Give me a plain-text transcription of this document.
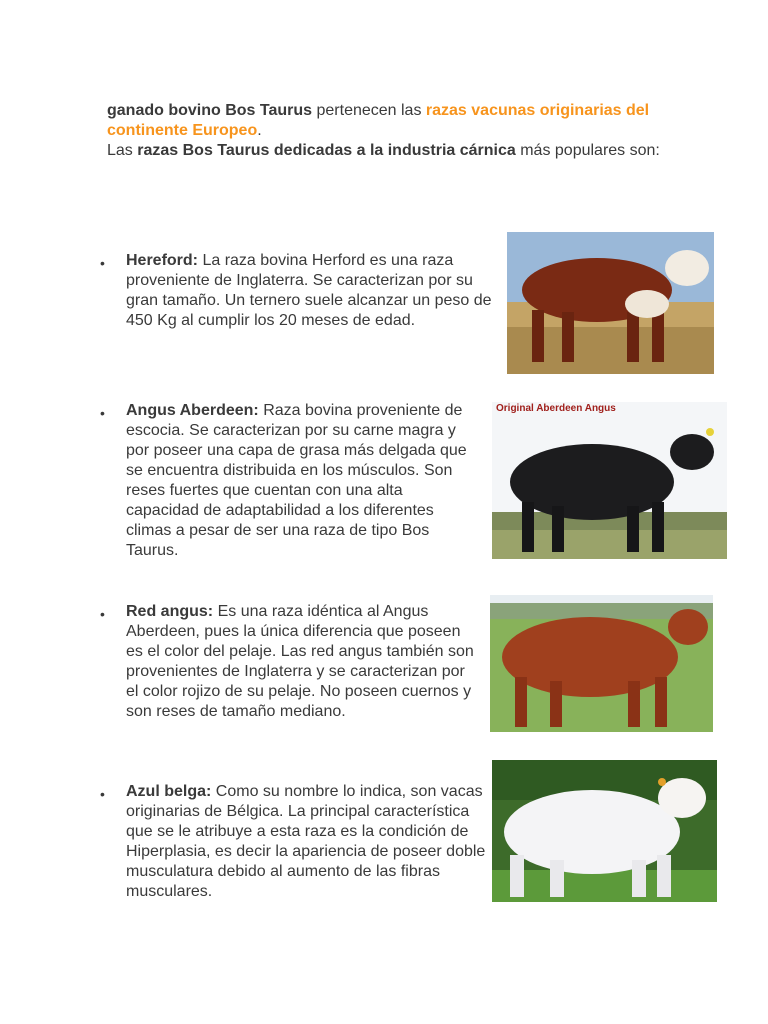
ganado bovino Bos Taurus pertenecen las razas vacunas originarias del continente Europeo.

Las razas Bos Taurus dedicadas a la industria cárnica más populares son:

• Hereford: La raza bovina Herford es una raza proveniente de Inglaterra. Se caracterizan por su gran tamaño. Un ternero suele alcanzar un peso de 450 Kg al cumplir los 20 meses de edad.
• Angus Aberdeen: Raza bovina proveniente de escocia. Se caracterizan por su carne magra y por poseer una capa de grasa más delgada que se encuentra distribuida en los músculos. Son reses fuertes que cuentan con una alta capacidad de adaptabilidad a los diferentes climas a pesar de ser una raza de tipo Bos Taurus.
Original Aberdeen Angus
• Red angus: Es una raza idéntica al Angus Aberdeen, pues la única diferencia que poseen es el color del pelaje. Las red angus también son provenientes de Inglaterra y se caracterizan por el color rojizo de su pelaje. No poseen cuernos y son reses de tamaño mediano.
• Azul belga: Como su nombre lo indica, son vacas originarias de Bélgica. La principal característica que se le atribuye a esta raza es la condición de Hiperplasia, es decir la apariencia de poseer doble musculatura debido al aumento de las fibras musculares.
